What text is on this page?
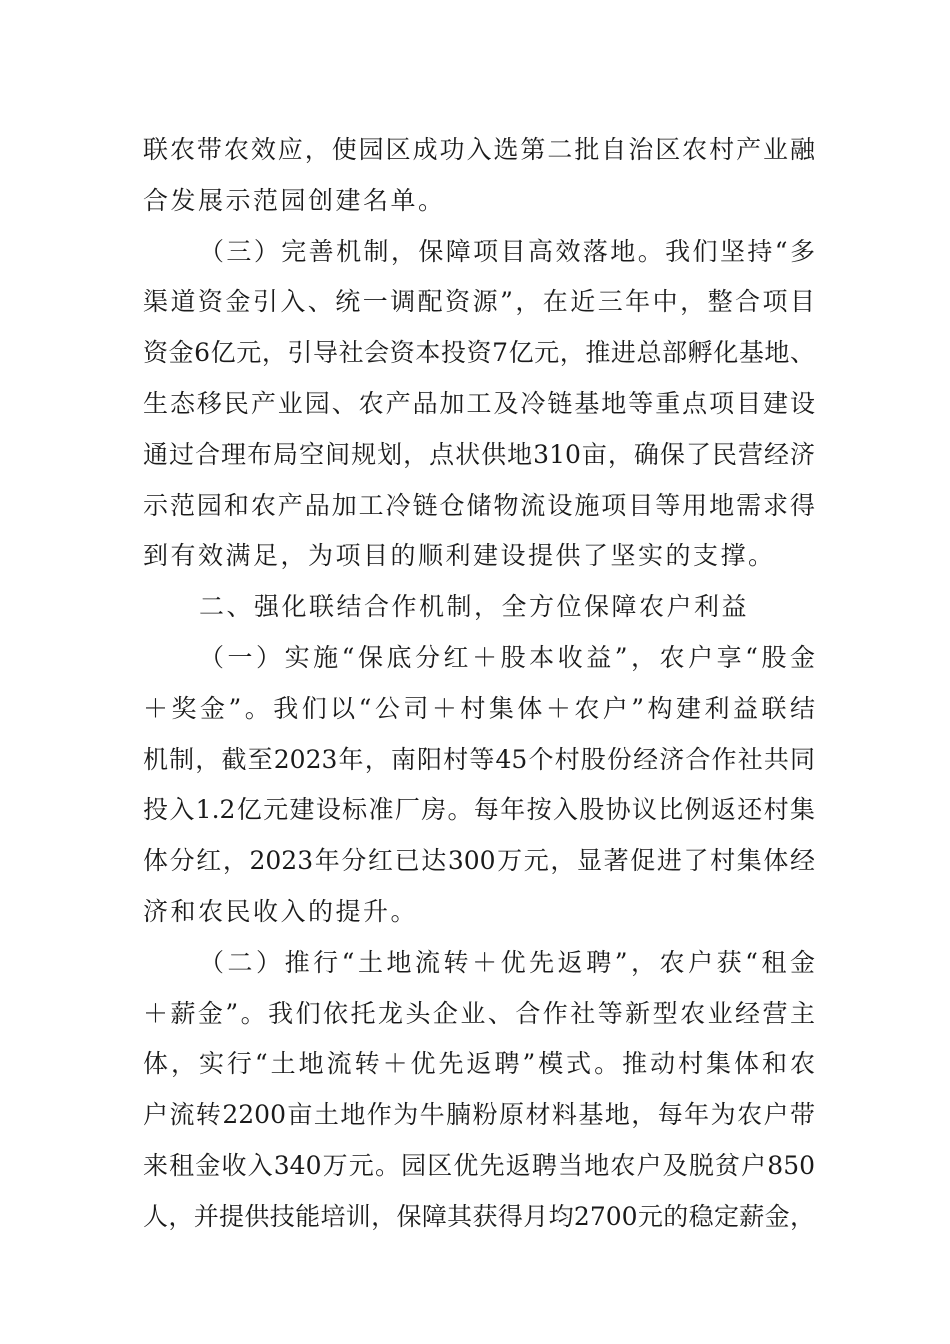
联农带农效应，使园区成功入选第二批自治区农村产业融
合发展示范园创建名单。
（三）完善机制，保障项目高效落地。我们坚持“多
渠道资金引入、统一调配资源”，在近三年中，整合项目
资金6亿元，引导社会资本投资7亿元，推进总部孵化基地、
生态移民产业园、农产品加工及冷链基地等重点项目建设
通过合理布局空间规划，点状供地310亩，确保了民营经济
示范园和农产品加工冷链仓储物流设施项目等用地需求得
到有效满足，为项目的顺利建设提供了坚实的支撑。
二、强化联结合作机制，全方位保障农户利益
（一）实施“保底分红＋股本收益”，农户享“股金
＋奖金”。我们以“公司＋村集体＋农户”构建利益联结
机制，截至2023年，南阳村等45个村股份经济合作社共同
投入1.2亿元建设标准厂房。每年按入股协议比例返还村集
体分红，2023年分红已达300万元，显著促进了村集体经
济和农民收入的提升。
（二）推行“土地流转＋优先返聘”，农户获“租金
＋薪金”。我们依托龙头企业、合作社等新型农业经营主
体，实行“土地流转＋优先返聘”模式。推动村集体和农
户流转2200亩土地作为牛腩粉原材料基地，每年为农户带
来租金收入340万元。园区优先返聘当地农户及脱贫户850
人，并提供技能培训，保障其获得月均2700元的稳定薪金，
